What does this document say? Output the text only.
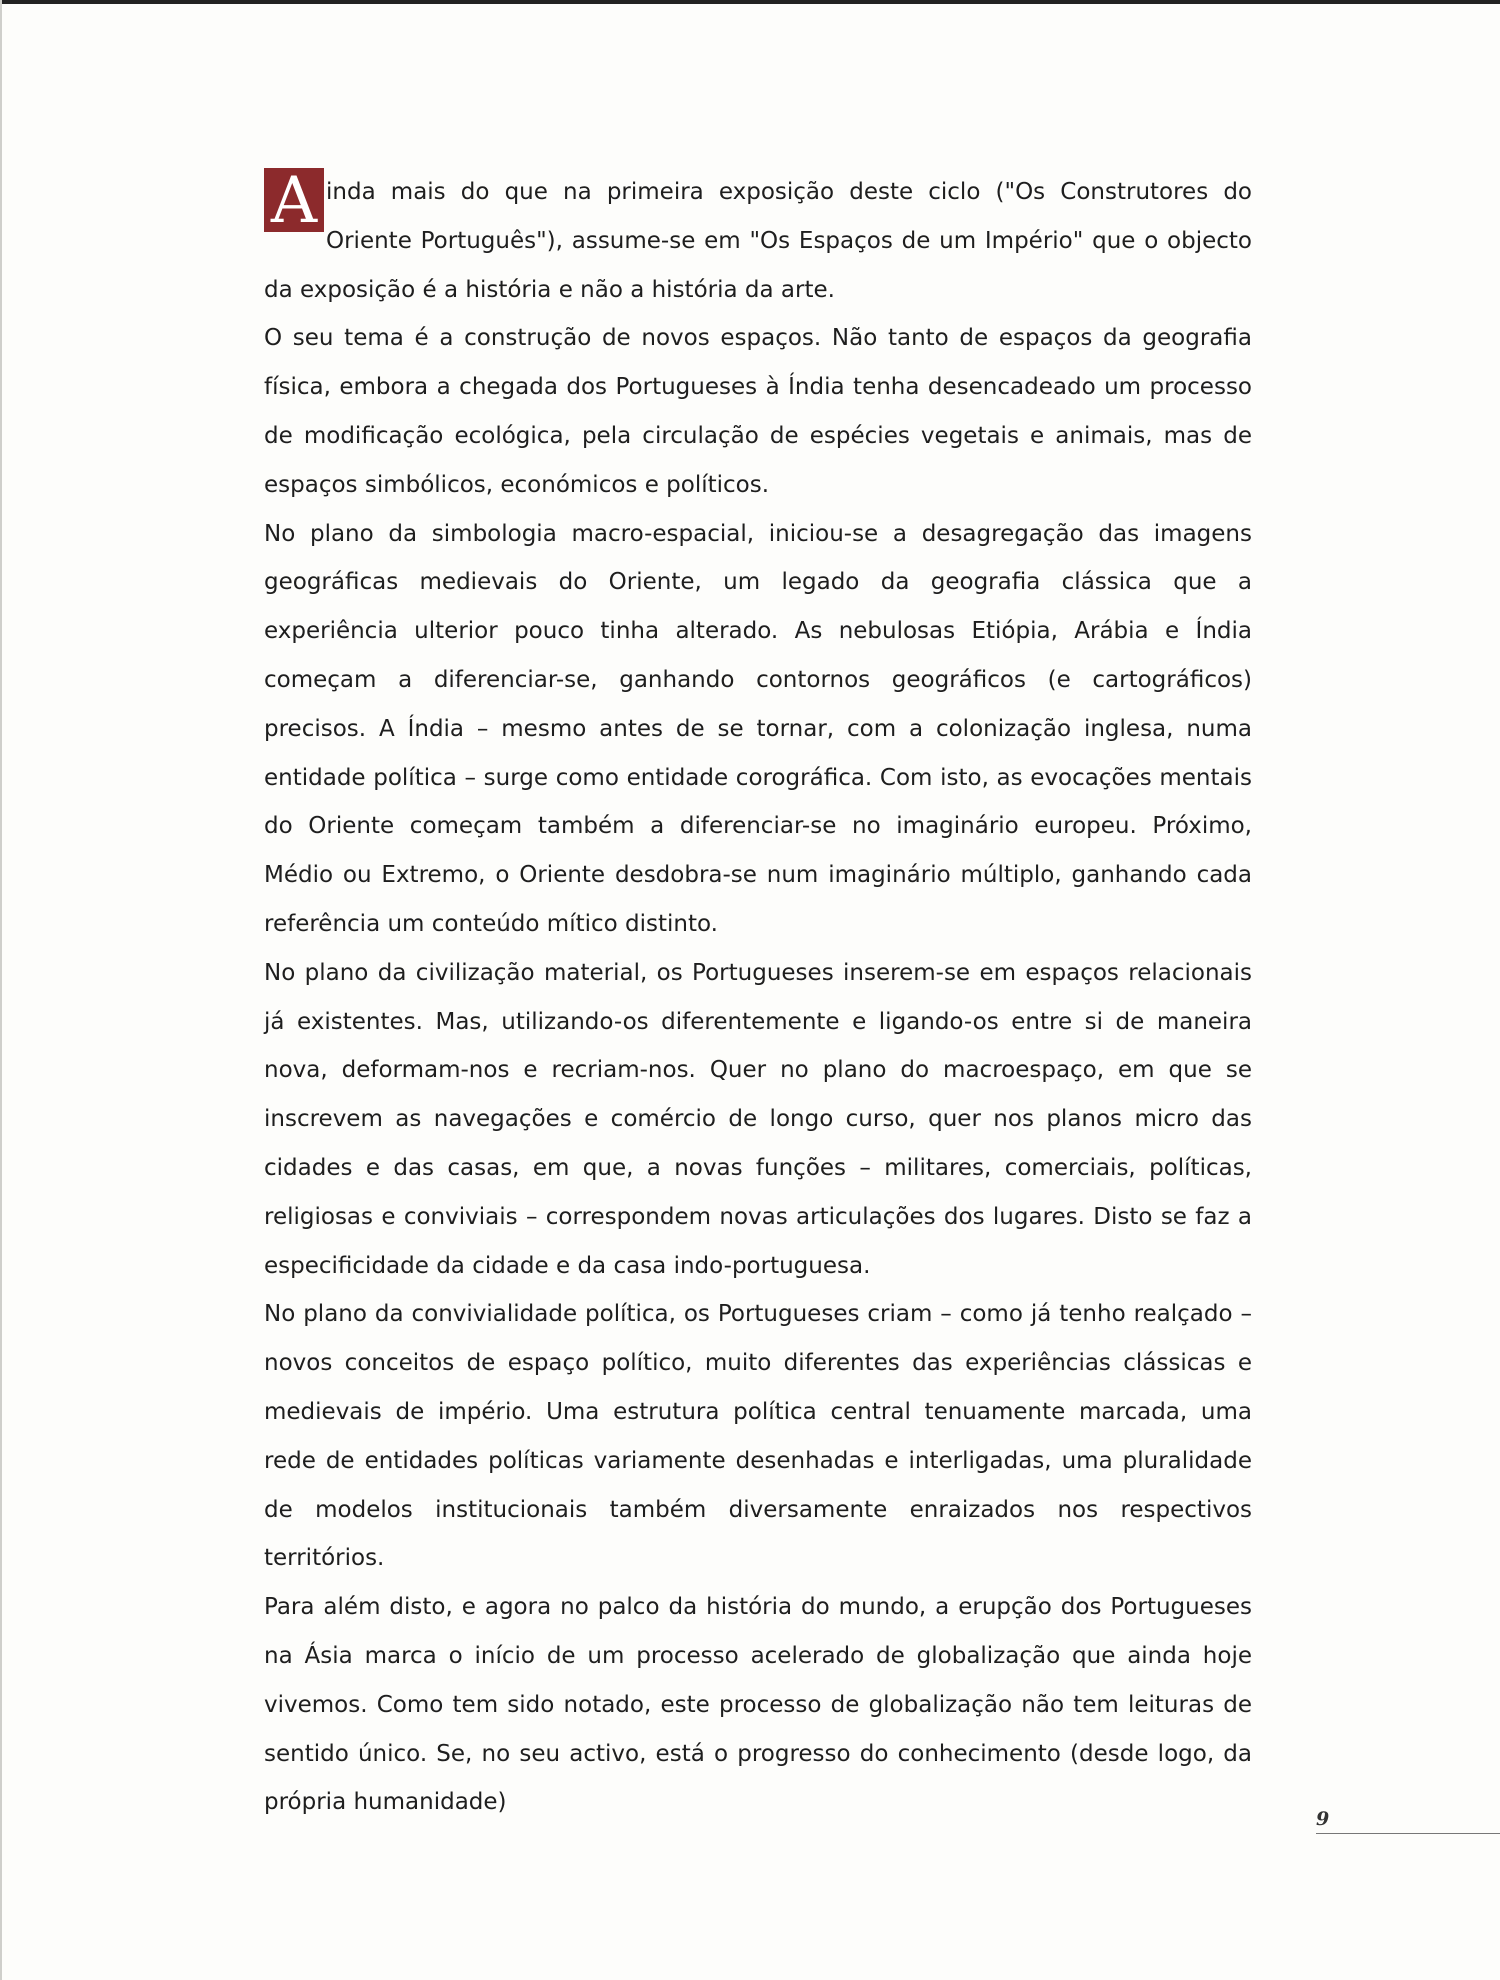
A inda mais do que na primeira exposição deste ciclo ("Os Construtores do Oriente Português"), assume-se em "Os Espaços de um Império" que o objecto da exposição é a história e não a história da arte.

O seu tema é a construção de novos espaços. Não tanto de espaços da geografia física, embora a chegada dos Portugueses à Índia tenha desencadeado um processo de modificação ecológica, pela circulação de espécies vegetais e animais, mas de espaços simbólicos, económicos e políticos.

No plano da simbologia macro-espacial, iniciou-se a desagregação das imagens geográficas medievais do Oriente, um legado da geografia clássica que a experiência ulterior pouco tinha alterado. As nebulosas Etiópia, Arábia e Índia começam a diferenciar-se, ganhando contornos geográficos (e cartográficos) precisos. A Índia – mesmo antes de se tornar, com a colonização inglesa, numa entidade política – surge como entidade corográfica. Com isto, as evocações mentais do Oriente começam também a diferenciar-se no imaginário europeu. Próximo, Médio ou Extremo, o Oriente desdobra-se num imaginário múltiplo, ganhando cada referência um conteúdo mítico distinto.

No plano da civilização material, os Portugueses inserem-se em espaços relacionais já existentes. Mas, utilizando-os diferentemente e ligando-os entre si de maneira nova, deformam-nos e recriam-nos. Quer no plano do macroespaço, em que se inscrevem as navegações e comércio de longo curso, quer nos planos micro das cidades e das casas, em que, a novas funções – militares, comerciais, políticas, religiosas e conviviais – correspondem novas articulações dos lugares. Disto se faz a especificidade da cidade e da casa indo-portuguesa.

No plano da convivialidade política, os Portugueses criam – como já tenho realçado – novos conceitos de espaço político, muito diferentes das experiências clássicas e medievais de império. Uma estrutura política central tenuamente marcada, uma rede de entidades políticas variamente desenhadas e interligadas, uma pluralidade de modelos institucionais também diversamente enraizados nos respectivos territórios.

Para além disto, e agora no palco da história do mundo, a erupção dos Portugueses na Ásia marca o início de um processo acelerado de globalização que ainda hoje vivemos. Como tem sido notado, este processo de globalização não tem leituras de sentido único. Se, no seu activo, está o progresso do conhecimento (desde logo, da própria humanidade)

9
